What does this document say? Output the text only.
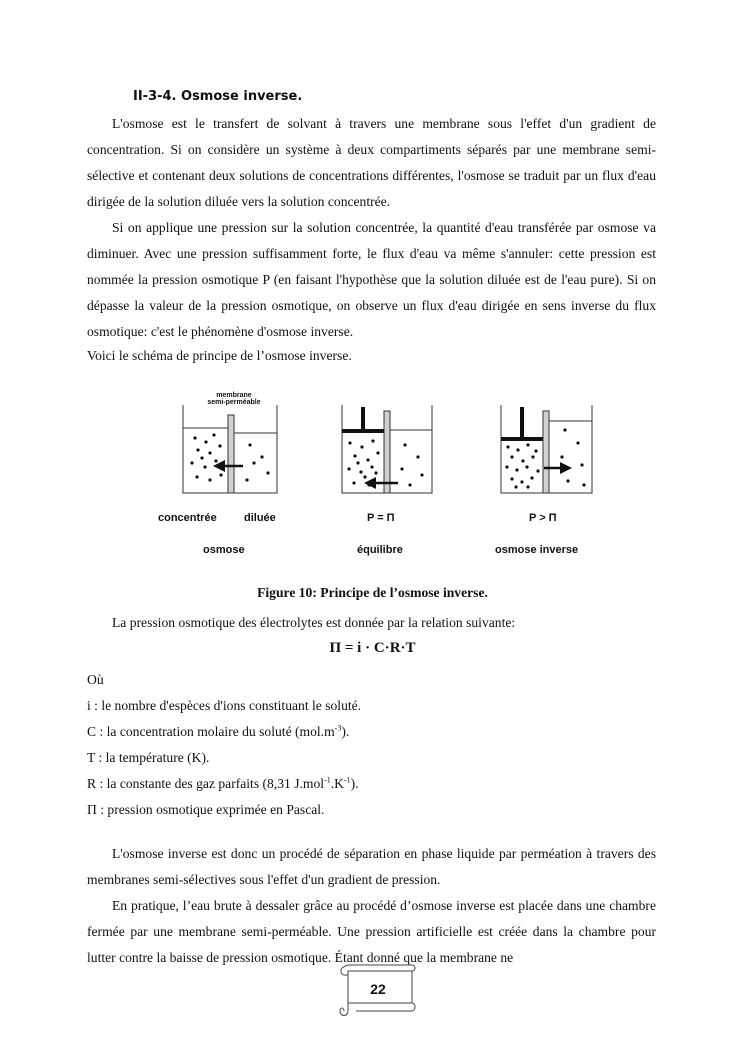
II-3-4. Osmose inverse.

L'osmose est le transfert de solvant à travers une membrane sous l'effet d'un gradient de concentration. Si on considère un système à deux compartiments séparés par une membrane semi-sélective et contenant deux solutions de concentrations différentes, l'osmose se traduit par un flux d'eau dirigée de la solution diluée vers la solution concentrée.

Si on applique une pression sur la solution concentrée, la quantité d'eau transférée par osmose va diminuer. Avec une pression suffisamment forte, le flux d'eau va même s'annuler: cette pression est nommée la pression osmotique P (en faisant l'hypothèse que la solution diluée est de l'eau pure). Si on dépasse la valeur de la pression osmotique, on observe un flux d'eau dirigée en sens inverse du flux osmotique: c'est le phénomène d'osmose inverse.

Voici le schéma de principe de l’osmose inverse.
membrane
semi-perméable
concentrée diluée	P = Π	P > Π
osmose	équilibre	osmose inverse
Figure 10: Principe de l’osmose inverse.
La pression osmotique des électrolytes est donnée par la relation suivante:
Π = i · C·R·T
Où
i : le nombre d'espèces d'ions constituant le soluté.
C : la concentration molaire du soluté $(mol.m^{-3})$.
T : la température (K).
R : la constante des gaz parfaits (8,31 $J.mol^{-1}.K^{-1}$).
Π : pression osmotique exprimée en Pascal.

L'osmose inverse est donc un procédé de séparation en phase liquide par perméation à travers des membranes semi-sélectives sous l'effet d'un gradient de pression.

En pratique, l’eau brute à dessaler grâce au procédé d’osmose inverse est placée dans une chambre fermée par une membrane semi-perméable. Une pression artificielle est créée dans la chambre pour lutter contre la baisse de pression osmotique. Étant donné que la membrane ne

22
